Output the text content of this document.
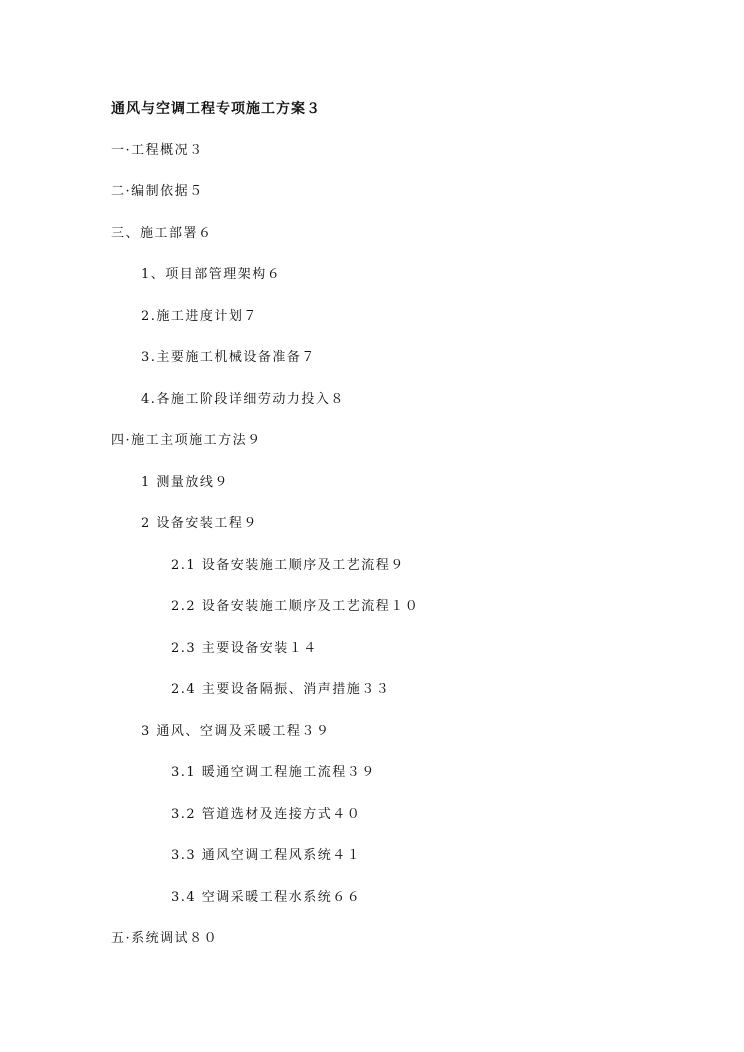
通风与空调工程专项施工方案３
一·工程概况３
二·编制依据５
三、施工部署６
1、项目部管理架构６
2.施工进度计划７
3.主要施工机械设备准备７
4.各施工阶段详细劳动力投入８
四·施工主项施工方法９
1 测量放线９
2 设备安装工程９
2.1 设备安装施工顺序及工艺流程９
2.2 设备安装施工顺序及工艺流程１０
2.3 主要设备安装１４
2.4 主要设备隔振、消声措施３３
3 通风、空调及采暖工程３９
3.1 暖通空调工程施工流程３９
3.2 管道选材及连接方式４０
3.3 通风空调工程风系统４１
3.4 空调采暖工程水系统６６
五·系统调试８０
